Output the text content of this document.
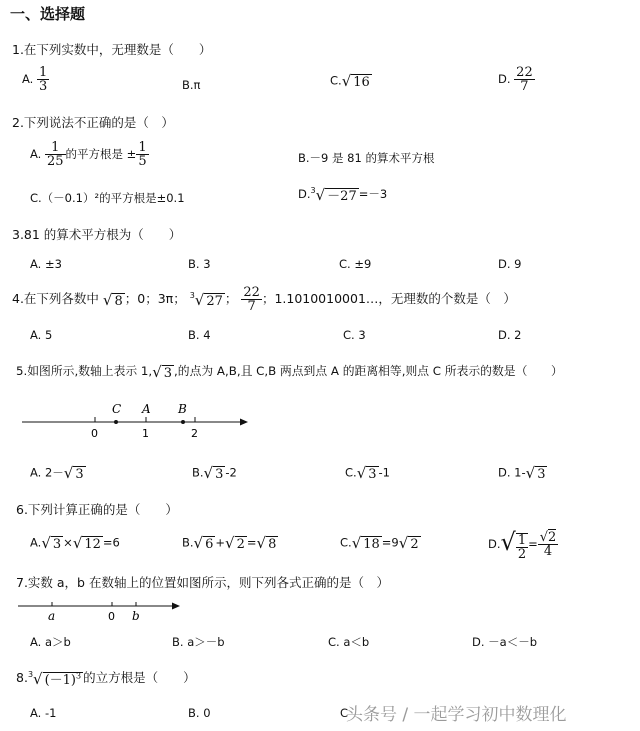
一、选择题
1.在下列实数中，无理数是（　　）
A. $\frac{1}{3}$	B.π	C.√ 16	D. $\frac{22}{7}$
2.下列说法不正确的是（　）
A. $\frac{1}{25}$ 的平方根是 ± $\frac{1}{5}$	B.－9 是 81 的算术平方根
C.（－0.1）²的平方根是±0.1	D.$^3$√ －27 =－3
3.81 的算术平方根为（　　）
A. ±3	B. 3	C. ±9	D. 9
4.在下列各数中 √ 8 ；0；3π； $^3$√ 27 ； $\frac{22}{7}$ ；1.1010010001…，无理数的个数是（　）
A. 5	B. 4	C. 3	D. 2
5.如图所示,数轴上表示 1,√ 3 ,的点为 A,B,且 C,B 两点到点 A 的距离相等,则点 C 所表示的数是（　　）
C A B
0	1	2
A. 2－√ 3	B.√ 3 -2	C.√ 3 -1	D. 1-√ 3
6.下列计算正确的是（　　）
A.√ 3 ×√ 12 =6	B.√ 6 +√ 2 =√ 8	C.√ 18 =9√ 2	$D.√ \frac{1}{2} = \frac{√2}{4}$
7.实数 a，b 在数轴上的位置如图所示，则下列各式正确的是（　）
a	0 b
A. a＞b	B. a＞－b	C. a＜b	D. －a＜－b
8.$^3$√ $(-1)^3$ 的立方根是（　　）
A. -1	B. 0	C
头条号 / 一起学习初中数理化
